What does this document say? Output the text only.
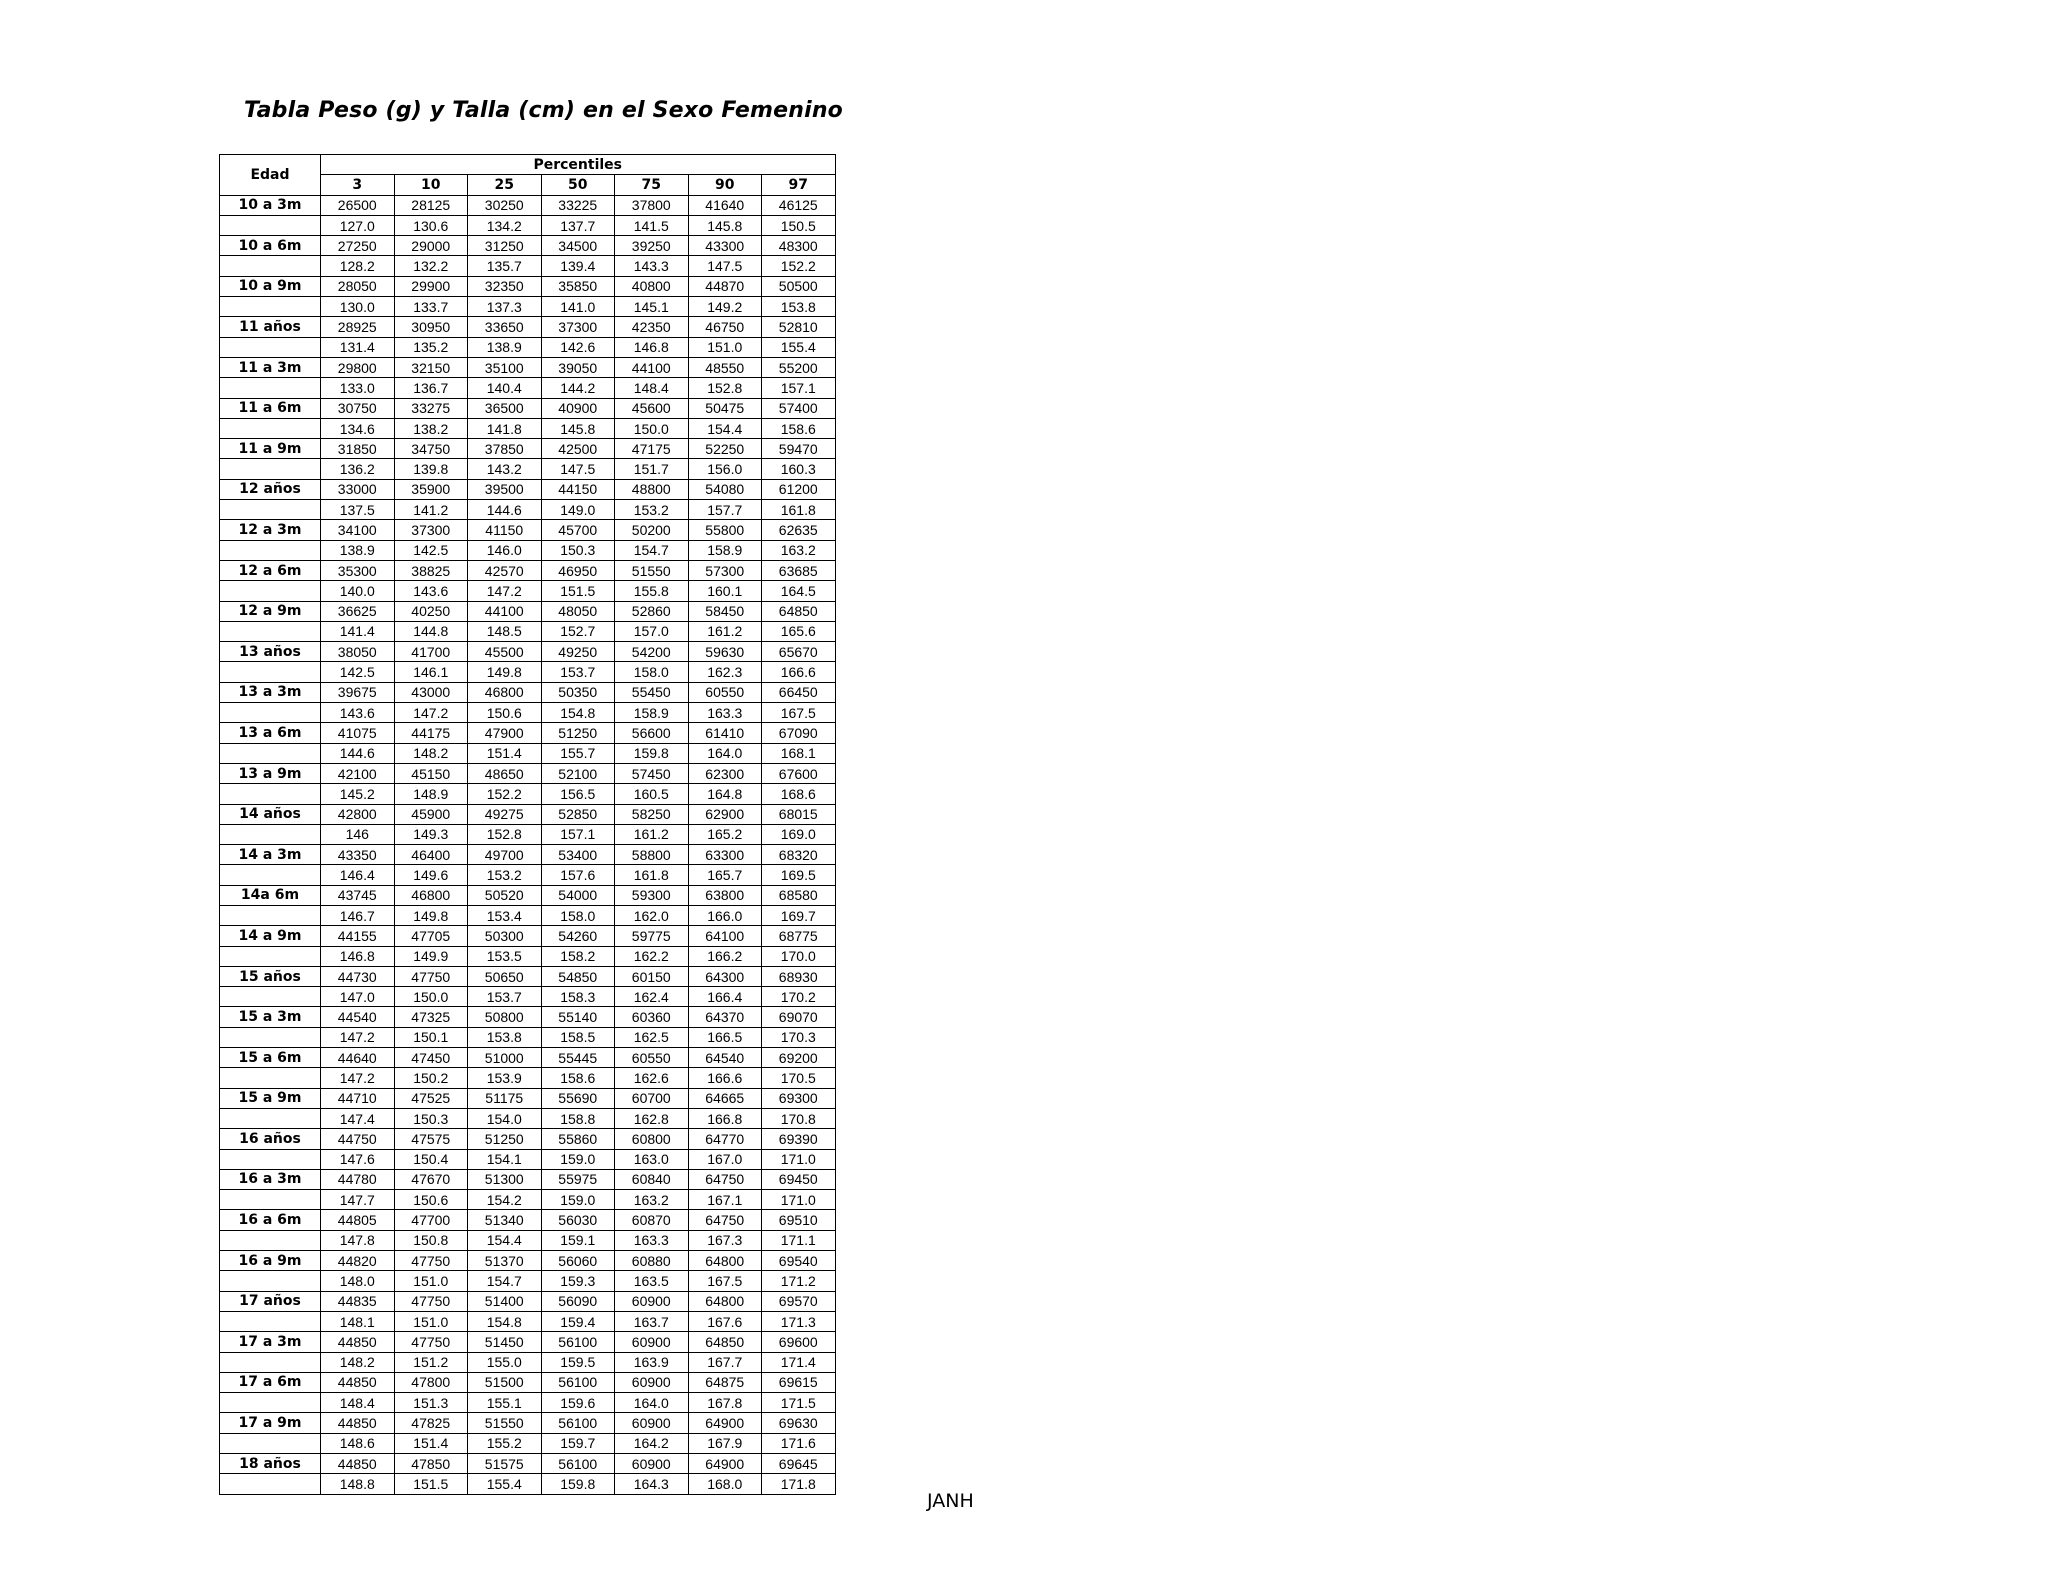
Tabla Peso (g) y Talla (cm) en el Sexo Femenino
Edad	Percentiles						
	3	10	25	50	75	90	97
10 a 3m	26500	28125	30250	33225	37800	41640	46125
	127.0	130.6	134.2	137.7	141.5	145.8	150.5
10 a 6m	27250	29000	31250	34500	39250	43300	48300
	128.2	132.2	135.7	139.4	143.3	147.5	152.2
10 a 9m	28050	29900	32350	35850	40800	44870	50500
	130.0	133.7	137.3	141.0	145.1	149.2	153.8
11 años	28925	30950	33650	37300	42350	46750	52810
	131.4	135.2	138.9	142.6	146.8	151.0	155.4
11 a 3m	29800	32150	35100	39050	44100	48550	55200
	133.0	136.7	140.4	144.2	148.4	152.8	157.1
11 a 6m	30750	33275	36500	40900	45600	50475	57400
	134.6	138.2	141.8	145.8	150.0	154.4	158.6
11 a 9m	31850	34750	37850	42500	47175	52250	59470
	136.2	139.8	143.2	147.5	151.7	156.0	160.3
12 años	33000	35900	39500	44150	48800	54080	61200
	137.5	141.2	144.6	149.0	153.2	157.7	161.8
12 a 3m	34100	37300	41150	45700	50200	55800	62635
	138.9	142.5	146.0	150.3	154.7	158.9	163.2
12 a 6m	35300	38825	42570	46950	51550	57300	63685
	140.0	143.6	147.2	151.5	155.8	160.1	164.5
12 a 9m	36625	40250	44100	48050	52860	58450	64850
	141.4	144.8	148.5	152.7	157.0	161.2	165.6
13 años	38050	41700	45500	49250	54200	59630	65670
	142.5	146.1	149.8	153.7	158.0	162.3	166.6
13 a 3m	39675	43000	46800	50350	55450	60550	66450
	143.6	147.2	150.6	154.8	158.9	163.3	167.5
13 a 6m	41075	44175	47900	51250	56600	61410	67090
	144.6	148.2	151.4	155.7	159.8	164.0	168.1
13 a 9m	42100	45150	48650	52100	57450	62300	67600
	145.2	148.9	152.2	156.5	160.5	164.8	168.6
14 años	42800	45900	49275	52850	58250	62900	68015
	146	149.3	152.8	157.1	161.2	165.2	169.0
14 a 3m	43350	46400	49700	53400	58800	63300	68320
	146.4	149.6	153.2	157.6	161.8	165.7	169.5
14a 6m	43745	46800	50520	54000	59300	63800	68580
	146.7	149.8	153.4	158.0	162.0	166.0	169.7
14 a 9m	44155	47705	50300	54260	59775	64100	68775
	146.8	149.9	153.5	158.2	162.2	166.2	170.0
15 años	44730	47750	50650	54850	60150	64300	68930
	147.0	150.0	153.7	158.3	162.4	166.4	170.2
15 a 3m	44540	47325	50800	55140	60360	64370	69070
	147.2	150.1	153.8	158.5	162.5	166.5	170.3
15 a 6m	44640	47450	51000	55445	60550	64540	69200
	147.2	150.2	153.9	158.6	162.6	166.6	170.5
15 a 9m	44710	47525	51175	55690	60700	64665	69300
	147.4	150.3	154.0	158.8	162.8	166.8	170.8
16 años	44750	47575	51250	55860	60800	64770	69390
	147.6	150.4	154.1	159.0	163.0	167.0	171.0
16 a 3m	44780	47670	51300	55975	60840	64750	69450
	147.7	150.6	154.2	159.0	163.2	167.1	171.0
16 a 6m	44805	47700	51340	56030	60870	64750	69510
	147.8	150.8	154.4	159.1	163.3	167.3	171.1
16 a 9m	44820	47750	51370	56060	60880	64800	69540
	148.0	151.0	154.7	159.3	163.5	167.5	171.2
17 años	44835	47750	51400	56090	60900	64800	69570
	148.1	151.0	154.8	159.4	163.7	167.6	171.3
17 a 3m	44850	47750	51450	56100	60900	64850	69600
	148.2	151.2	155.0	159.5	163.9	167.7	171.4
17 a 6m	44850	47800	51500	56100	60900	64875	69615
	148.4	151.3	155.1	159.6	164.0	167.8	171.5
17 a 9m	44850	47825	51550	56100	60900	64900	69630
	148.6	151.4	155.2	159.7	164.2	167.9	171.6
18 años	44850	47850	51575	56100	60900	64900	69645
	148.8	151.5	155.4	159.8	164.3	168.0	171.8
JANH
